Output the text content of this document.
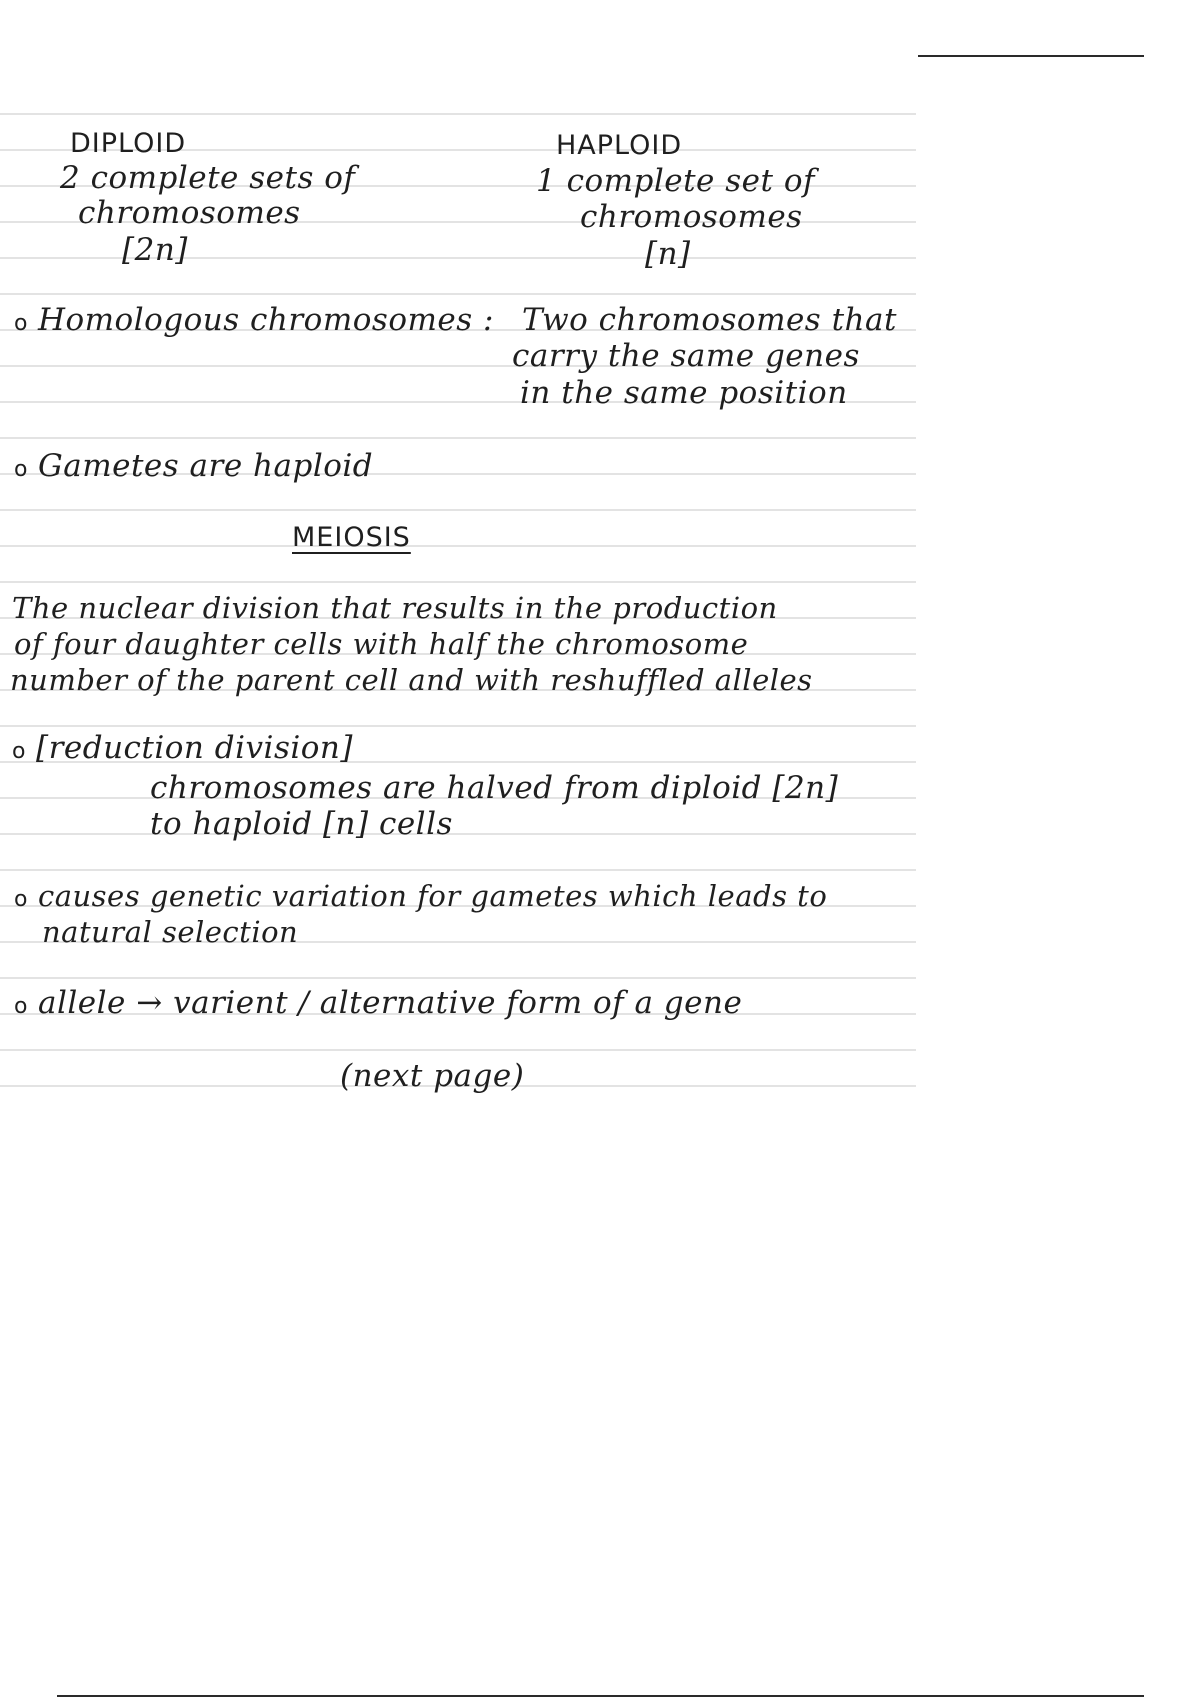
DIPLOID
2 complete sets of
chromosomes
[2n]
HAPLOID
1 complete set of
chromosomes
[n]
o Homologous chromosomes : Two chromosomes that
carry the same genes
in the same position
o Gametes are haploid
MEIOSIS
The nuclear division that results in the production
of four daughter cells with half the chromosome
number of the parent cell and with reshuffled alleles
o [reduction division]
chromosomes are halved from diploid [2n]
to haploid [n] cells
o causes genetic variation for gametes which leads to
natural selection
o allele → varient / alternative form of a gene
(next page)
